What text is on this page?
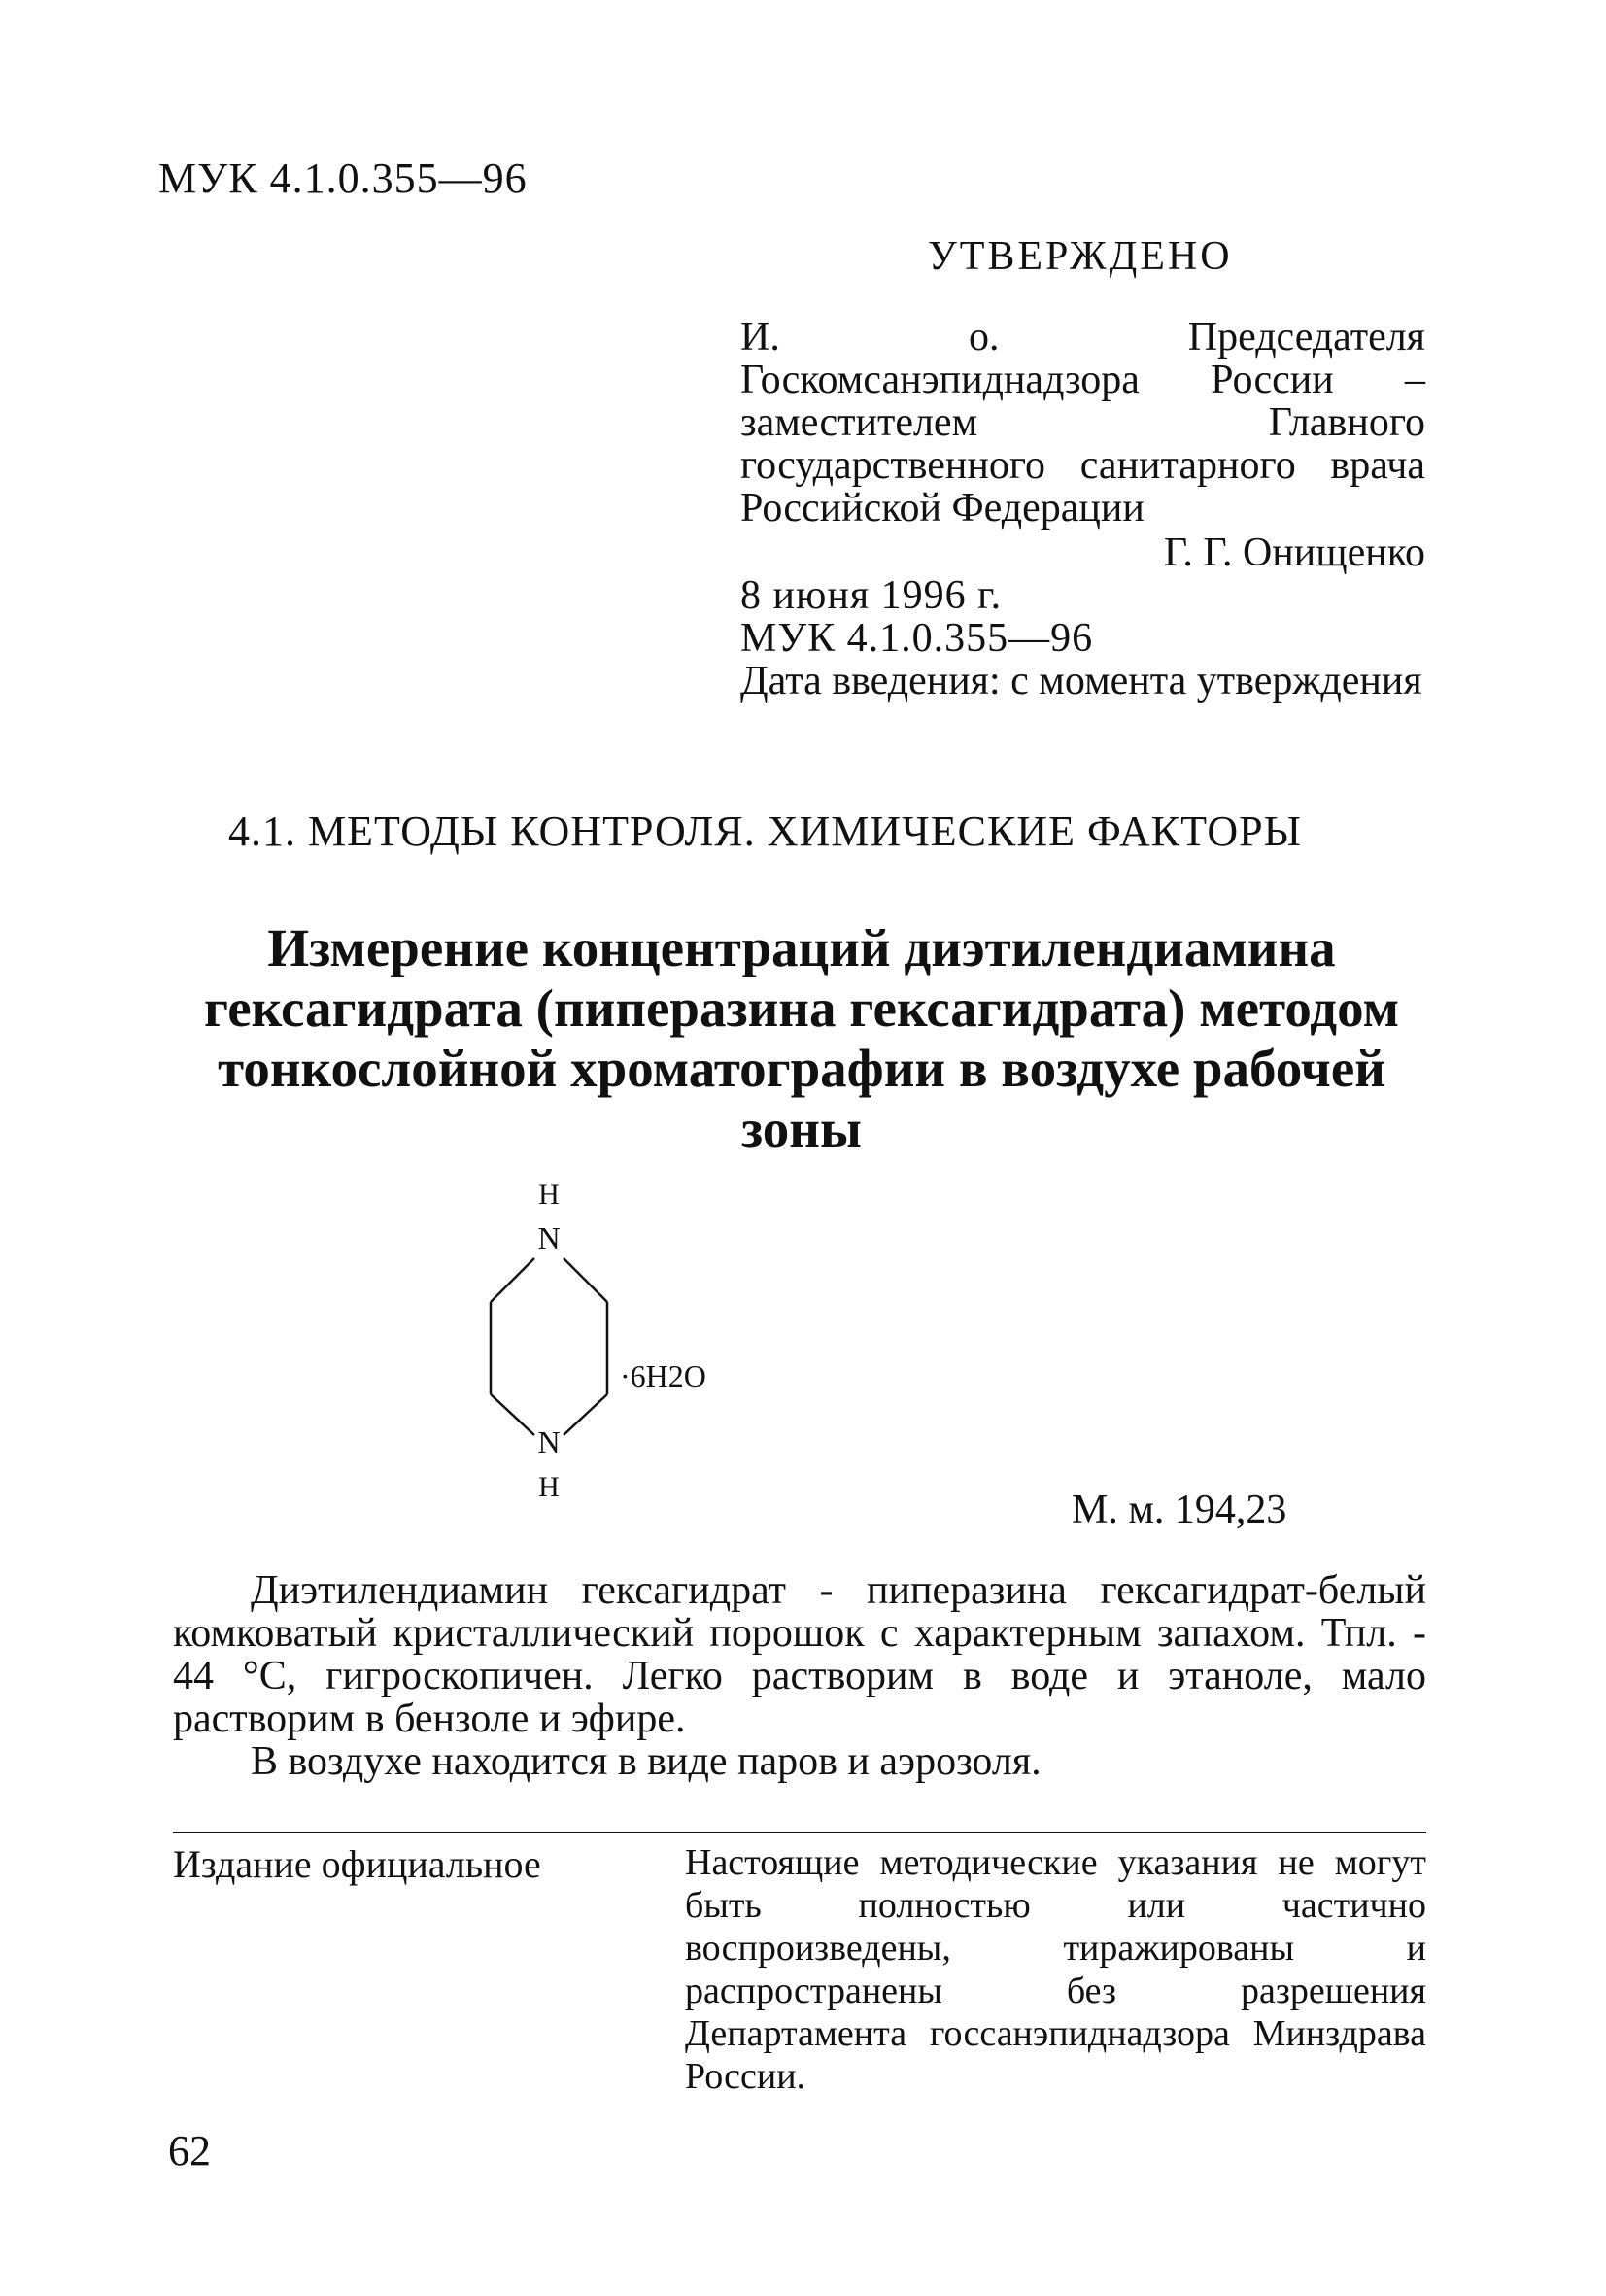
МУК 4.1.0.355—96
УТВЕРЖДЕНО
И. о. Председателя Госкомсанэпиднадзора России – заместителем Главного государственного санитарного врача Российской Федерации
Г. Г. Онищенко
8 июня 1996 г.
МУК 4.1.0.355—96
Дата введения: с момента утверждения
4.1. МЕТОДЫ КОНТРОЛЯ. ХИМИЧЕСКИЕ ФАКТОРЫ
Измерение концентраций диэтилендиамина гексагидрата (пиперазина гексагидрата) методом тонкослойной хроматографии в воздухе рабочей зоны
H
N
N
H
·6H2O
М. м. 194,23

Диэтилендиамин гексагидрат - пиперазина гексагидрат-белый комковатый кристаллический порошок с характерным запахом. Тпл. - 44 °С, гигроскопичен. Легко растворим в воде и этаноле, мало растворим в бензоле и эфире.

В воздухе находится в виде паров и аэрозоля.

Издание официальное	Настоящие методические указания не могут быть полностью или частично воспроизведены, тиражированы и распространены без разрешения Департамента госсанэпиднадзора Минздрава России.
62
